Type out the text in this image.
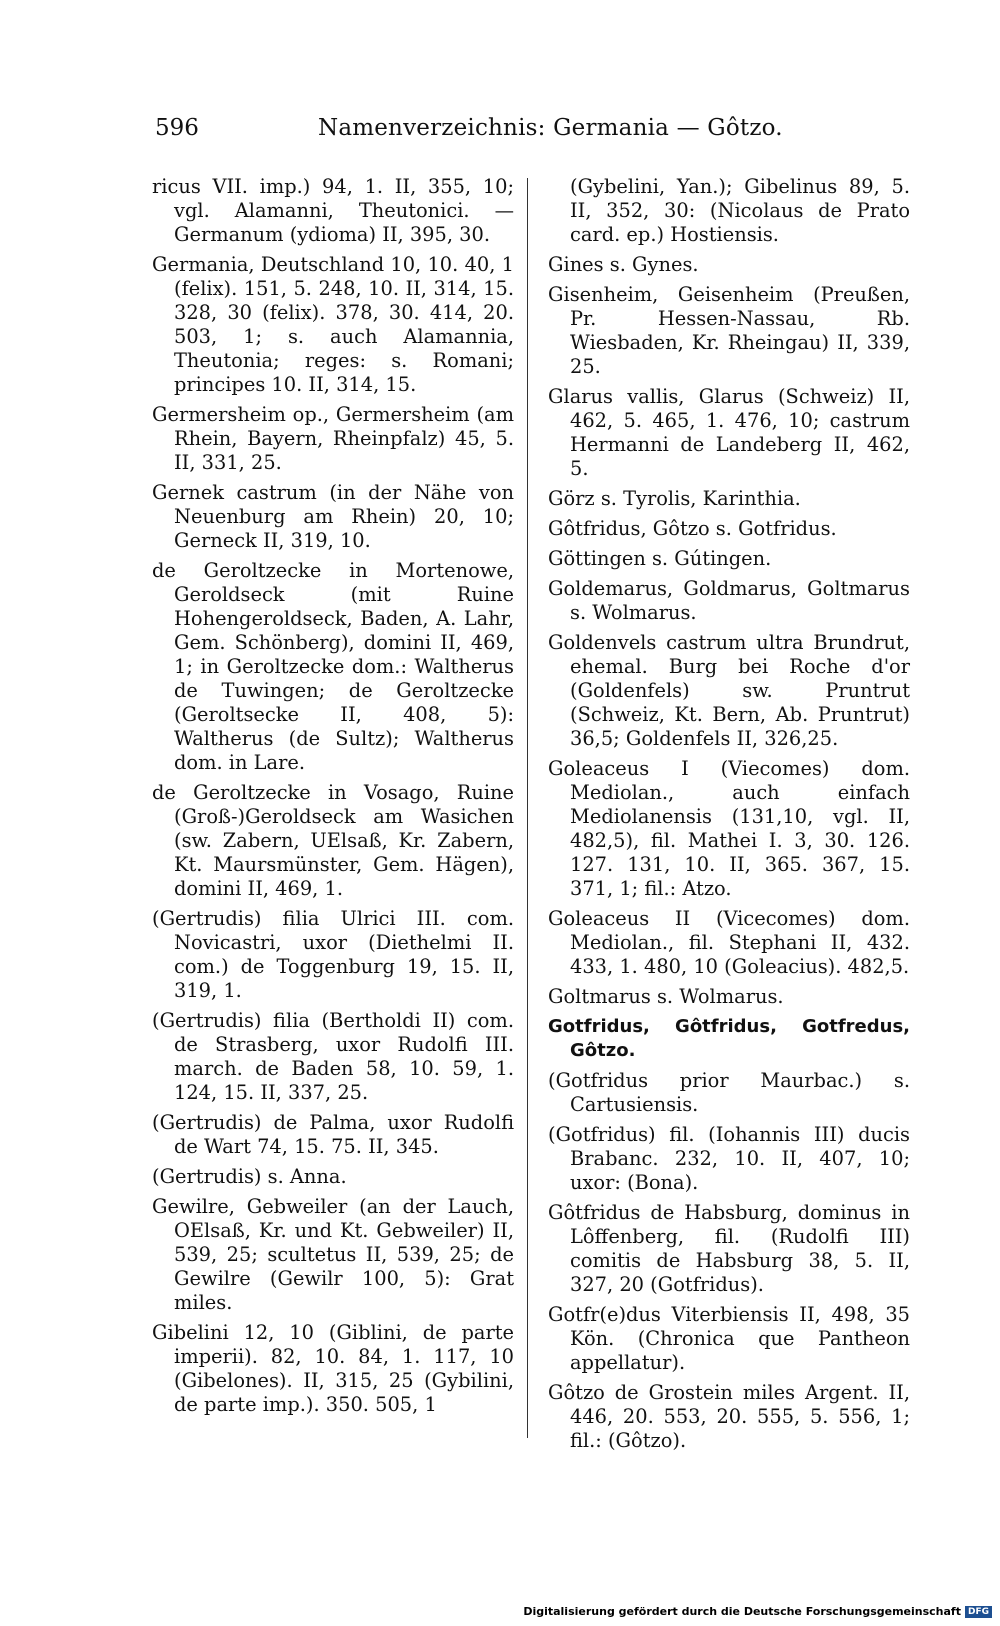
596	Namenverzeichnis: Germania — Gôtzo.

ricus VII. imp.) 94, 1. II, 355, 10; vgl. Alamanni, Theutonici. — Germanum (ydioma) II, 395, 30.

Germania, Deutschland 10, 10. 40, 1 (felix). 151, 5. 248, 10. II, 314, 15. 328, 30 (felix). 378, 30. 414, 20. 503, 1; s. auch Alamannia, Theutonia; reges: s. Romani; principes 10. II, 314, 15.

Germersheim op., Germersheim (am Rhein, Bayern, Rheinpfalz) 45, 5. II, 331, 25.

Gernek castrum (in der Nähe von Neuenburg am Rhein) 20, 10; Gerneck II, 319, 10.

de Geroltzecke in Mortenowe, Geroldseck (mit Ruine Hohengeroldseck, Baden, A. Lahr, Gem. Schönberg), domini II, 469, 1; in Geroltzecke dom.: Waltherus de Tuwingen; de Geroltzecke (Geroltsecke II, 408, 5): Waltherus (de Sultz); Waltherus dom. in Lare.

de Geroltzecke in Vosago, Ruine (Groß-)Geroldseck am Wasichen (sw. Zabern, UElsaß, Kr. Zabern, Kt. Maursmünster, Gem. Hägen), domini II, 469, 1.

(Gertrudis) filia Ulrici III. com. Novicastri, uxor (Diethelmi II. com.) de Toggenburg 19, 15. II, 319, 1.

(Gertrudis) filia (Bertholdi II) com. de Strasberg, uxor Rudolfi III. march. de Baden 58, 10. 59, 1. 124, 15. II, 337, 25.

(Gertrudis) de Palma, uxor Rudolfi de Wart 74, 15. 75. II, 345.

(Gertrudis) s. Anna.

Gewilre, Gebweiler (an der Lauch, OElsaß, Kr. und Kt. Gebweiler) II, 539, 25; scultetus II, 539, 25; de Gewilre (Gewilr 100, 5): Grat miles.

Gibelini 12, 10 (Giblini, de parte imperii). 82, 10. 84, 1. 117, 10 (Gibelones). II, 315, 25 (Gybilini, de parte imp.). 350. 505, 1

(Gybelini, Yan.); Gibelinus 89, 5. II, 352, 30: (Nicolaus de Prato card. ep.) Hostiensis.

Gines s. Gynes.

Gisenheim, Geisenheim (Preußen, Pr. Hessen-Nassau, Rb. Wiesbaden, Kr. Rheingau) II, 339, 25.

Glarus vallis, Glarus (Schweiz) II, 462, 5. 465, 1. 476, 10; castrum Hermanni de Landeberg II, 462, 5.

Görz s. Tyrolis, Karinthia.

Gôtfridus, Gôtzo s. Gotfridus.

Göttingen s. Gútingen.

Goldemarus, Goldmarus, Goltmarus s. Wolmarus.

Goldenvels castrum ultra Brundrut, ehemal. Burg bei Roche d'or (Goldenfels) sw. Pruntrut (Schweiz, Kt. Bern, Ab. Pruntrut) 36,5; Goldenfels II, 326,25.

Goleaceus I (Viecomes) dom. Mediolan., auch einfach Mediolanensis (131,10, vgl. II, 482,5), fil. Mathei I. 3, 30. 126. 127. 131, 10. II, 365. 367, 15. 371, 1; fil.: Atzo.

Goleaceus II (Vicecomes) dom. Mediolan., fil. Stephani II, 432. 433, 1. 480, 10 (Goleacius). 482,5.

Goltmarus s. Wolmarus.

Gotfridus, Gôtfridus, Gotfredus, Gôtzo.

(Gotfridus prior Maurbac.) s. Cartusiensis.

(Gotfridus) fil. (Iohannis III) ducis Brabanc. 232, 10. II, 407, 10; uxor: (Bona).

Gôtfridus de Habsburg, dominus in Lôffenberg, fil. (Rudolfi III) comitis de Habsburg 38, 5. II, 327, 20 (Gotfridus).

Gotfr(e)dus Viterbiensis II, 498, 35 Kön. (Chronica que Pantheon appellatur).

Gôtzo de Grostein miles Argent. II, 446, 20. 553, 20. 555, 5. 556, 1; fil.: (Gôtzo).

Digitalisierung gefördert durch die Deutsche Forschungsgemeinschaft DFG
